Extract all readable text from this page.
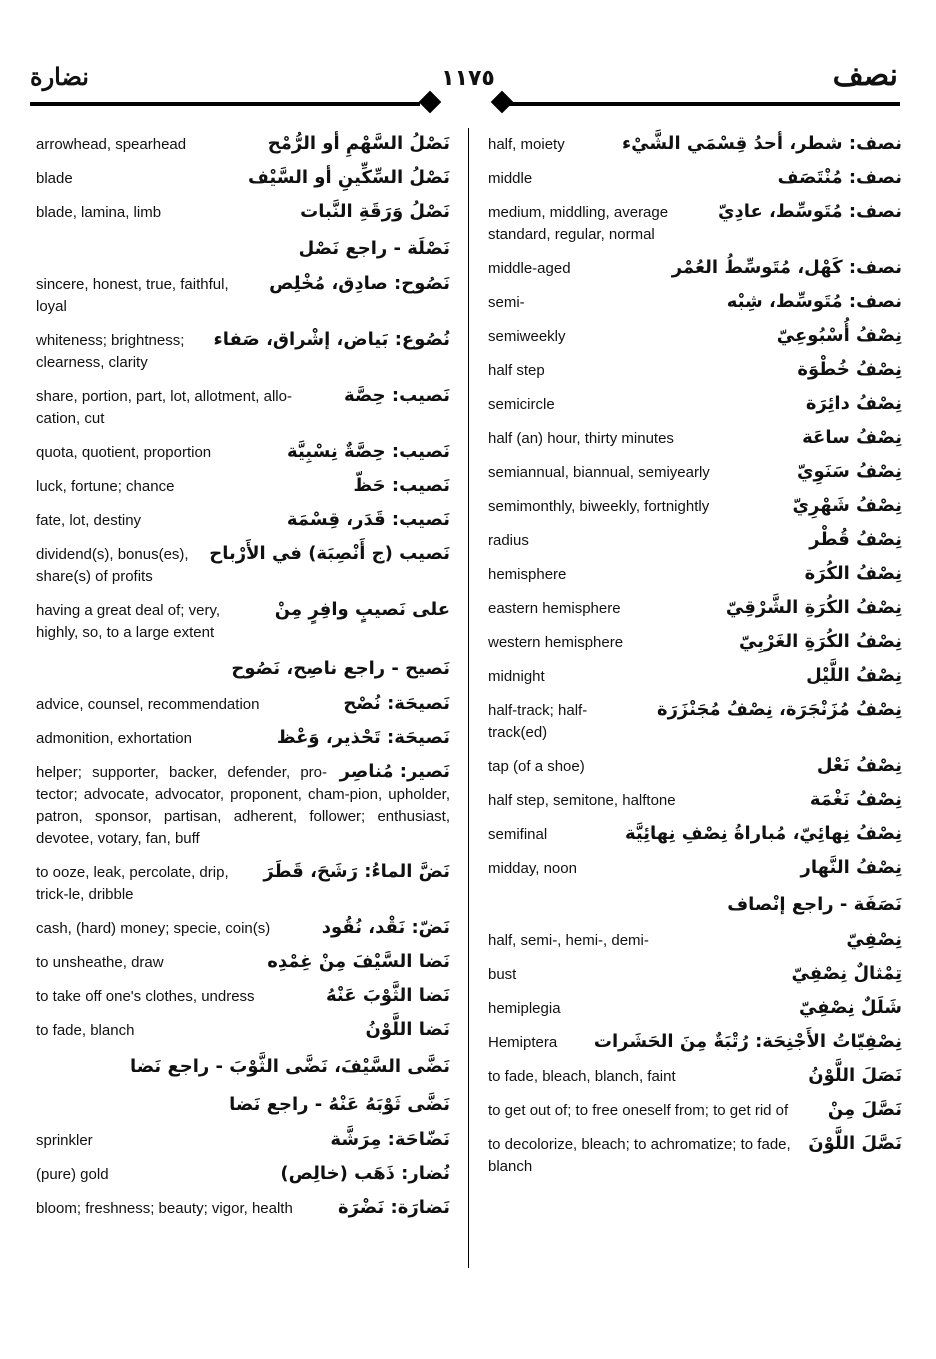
نضارة	١١٧٥	نصف
نصف: شطر، أحدُ قِسْمَي الشَّيْء
half, moiety
نصف: مُنْتَصَف
middle
نصف: مُتَوسِّط، عادِيّ
medium, middling, average standard, regular, normal
نصف: كَهْل، مُتَوسِّطُ العُمْر
middle-aged
نصف: مُتَوسِّط، شِبْه
semi-
نِصْفُ أُسْبُوعِيّ
semiweekly
نِصْفُ خُطْوَة
half step
نِصْفُ دائِرَة
semicircle
نِصْفُ ساعَة
half (an) hour, thirty minutes
نِصْفُ سَنَوِيّ
semiannual, biannual, semiyearly
نِصْفُ شَهْرِيّ
semimonthly, biweekly, fortnightly
نِصْفُ قُطْر
radius
نِصْفُ الكُرَة
hemisphere
نِصْفُ الكُرَةِ الشَّرْقِيّ
eastern hemisphere
نِصْفُ الكُرَةِ الغَرْبِيّ
western hemisphere
نِصْفُ اللَّيْل
midnight
نِصْفُ مُزَنْجَرَة، نِصْفُ مُجَنْزَرَة
half-track; half-track(ed)
نِصْفُ نَعْل
tap (of a shoe)
نِصْفُ نَغْمَة
half step, semitone, halftone
نِصْفُ نِهائِيّ، مُباراةُ نِصْفِ نِهائِيَّة
semifinal
نِصْفُ النَّهار
midday, noon
نَصَفَة - راجع إنْصاف
نِصْفِيّ
half, semi-, hemi-, demi-
تِمْثالٌ نِصْفِيّ
bust
شَلَلٌ نِصْفِيّ
hemiplegia
نِصْفِيّاتُ الأَجْنِحَة: رُتْبَةٌ مِنَ الحَشَرات
Hemiptera
نَصَلَ اللَّوْنُ
to fade, bleach, blanch, faint
نَصَّلَ مِنْ
to get out of; to free oneself from; to get rid of
نَصَّلَ اللَّوْنَ
to decolorize, bleach; to achromatize; to fade, blanch
نَصْلُ السَّهْمِ أو الرُّمْح
arrowhead, spearhead
نَصْلُ السِّكِّينِ أو السَّيْف
blade
نَصْلُ وَرَقَةِ النَّبات
blade, lamina, limb
نَصْلَة - راجع نَصْل
نَصُوح: صادِق، مُخْلِص
sincere, honest, true, faithful, loyal
نُصُوع: بَياض، إشْراق، صَفاء
whiteness; brightness; clearness, clarity
نَصيب: حِصَّة
share, portion, part, lot, allotment, allo-cation, cut
نَصيب: حِصَّةٌ نِسْبِيَّة
quota, quotient, proportion
نَصيب: حَظّ
luck, fortune; chance
نَصيب: قَدَر، قِسْمَة
fate, lot, destiny
نَصيب (ج أَنْصِبَة) في الأَرْباح
dividend(s), bonus(es), share(s) of profits
على نَصيبٍ وافِرٍ مِنْ
having a great deal of; very, highly, so, to a large extent
نَصيح - راجع ناصِح، نَصُوح
نَصيحَة: نُصْح
advice, counsel, recommendation
نَصيحَة: تَحْذير، وَعْظ
admonition, exhortation
نَصير: مُناصِر
helper; supporter, backer, defender, pro-tector; advocate, advocator, proponent, cham-pion, upholder, patron, sponsor, partisan, adherent, follower; enthusiast, devotee, votary, fan, buff
نَضَّ الماءُ: رَشَحَ، قَطَرَ
to ooze, leak, percolate, drip, trick-le, dribble
نَضّ: نَقْد، نُقُود
cash, (hard) money; specie, coin(s)
نَضا السَّيْفَ مِنْ غِمْدِه
to unsheathe, draw
نَضا الثَّوْبَ عَنْهُ
to take off one's clothes, undress
نَضا اللَّوْنُ
to fade, blanch
نَضَّى السَّيْفَ، نَضَّى الثَّوْبَ - راجع نَضا
نَضَّى ثَوْبَهُ عَنْهُ - راجع نَضا
نَضّاحَة: مِرَشَّة
sprinkler
نُضار: ذَهَب (خالِص)
(pure) gold
نَضارَة: نَضْرَة
bloom; freshness; beauty; vigor, health
